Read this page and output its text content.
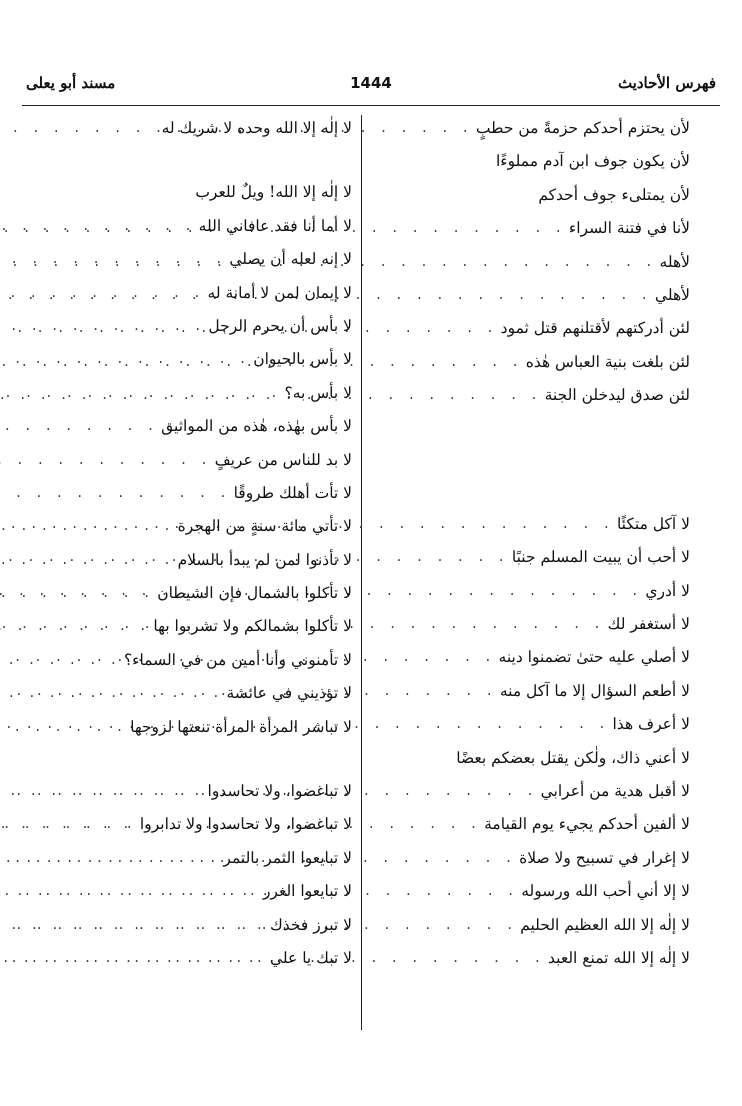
فهرس الأحاديث
1444
مسند أبو يعلى
لأن يحتزم أحدكم حزمةً من حطبٍ
. . .
لأن يكون جوف ابن آدم مملوءًا
لأن يمتلىء جوف أحدكم
لأنا في فتنة السراء
. . .
لأهله
. . .
لأهلي
. . .
لئن أدركتهم لأقتلنهم قتل ثمود
. . .
لئن بلغت بنية العباس هٰذه
. . .
لئن صدق ليدخلن الجنة
. . .
لا آكل متكئًا
. . .
لا أحب أن يبيت المسلم جنبًا
. . .
لا أدري
. . .
لا أستغفر لك
. . .
لا أصلي عليه حتىٰ تضمنوا دينه
. . .
لا أطعم السؤال إلا ما آكل منه
. . .
لا أعرف هذا
. . .
لا أعني ذاك، ولٰكن يقتل بعضكم بعضًا
لا أقبل هدية من أعرابي
. . .
لا ألفين أحدكم يجيء يوم القيامة
. . .
لا إغرار في تسبيح ولا صلاة
. . .
لا إلا أني أحب الله ورسوله
. . .
لا إلٰه إلا الله العظيم الحليم
. . .
لا إلٰه إلا الله تمنع العبد
. . .
لا إلٰه إلا الله وحده لا شريك له
لا إلٰه إلا الله! ويلٌ للعرب
لا أما أنا فقد عافاني الله
. . .
لا إنه لعله أن يصلي
. . .
لا إيمان لمن لا أمانة له
. . .
لا بأس أن يحرم الرجل
. . .
لا بأس بالحيوان
. . .
لا بأس به؟
. . .
لا بأس بهٰذه، هٰذه من المواثيق
. . .
لا بد للناس من عريفٍ
. . .
لا تأت أهلك طروقًا
. . .
لا تأتي مائة سنةٍ من الهجرة
. . .
لا تأذنوا لمن لم يبدأ بالسلام
. . .
لا تأكلوا بالشمال فإن الشيطان
. . .
لا تأكلوا بشمالكم ولا تشربوا بها
. . .
لا تأمنوني وأنا أمين من في السماء؟
. . .
لا تؤذيني في عائشة
. . .
لا تباشر المرأة المرأة تنعتها لزوجها
. . .
لا تباغضوا، ولا تحاسدوا
. . .
لا تباغضوا، ولا تحاسدوا ولا تدابروا
. . .
لا تبايعوا الثمر بالتمر
. . .
لا تبايعوا الغرر
. . .
لا تبرز فخذك
. . .
لا تبك يا علي
. . .
